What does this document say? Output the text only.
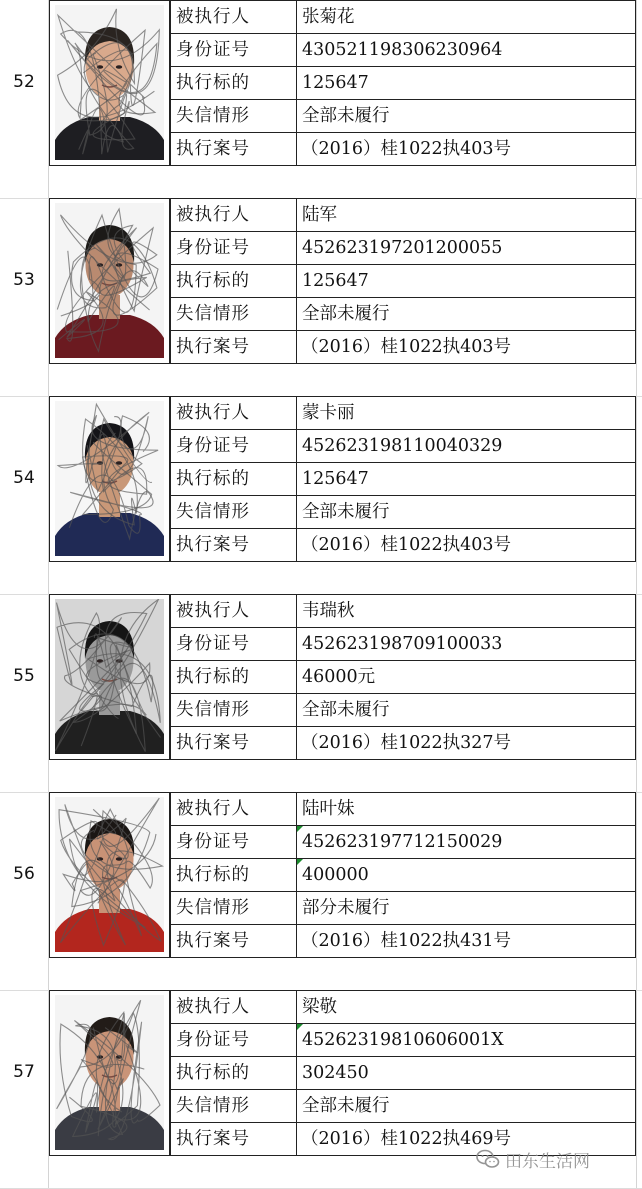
52
被执行人	张菊花
身份证号	430521198306230964
执行标的	125647
失信情形	全部未履行
执行案号	（2016）桂1022执403号
53
被执行人	陆军
身份证号	452623197201200055
执行标的	125647
失信情形	全部未履行
执行案号	（2016）桂1022执403号
54
被执行人	蒙卡丽
身份证号	452623198110040329
执行标的	125647
失信情形	全部未履行
执行案号	（2016）桂1022执403号
55
被执行人	韦瑞秋
身份证号	452623198709100033
执行标的	46000元
失信情形	全部未履行
执行案号	（2016）桂1022执327号
56
被执行人	陆叶妹
身份证号	452623197712150029
执行标的	400000
失信情形	部分未履行
执行案号	（2016）桂1022执431号
57
被执行人	梁敬
身份证号	45262319810606001X
执行标的	302450
失信情形	全部未履行
执行案号	（2016）桂1022执469号
田东生活网
